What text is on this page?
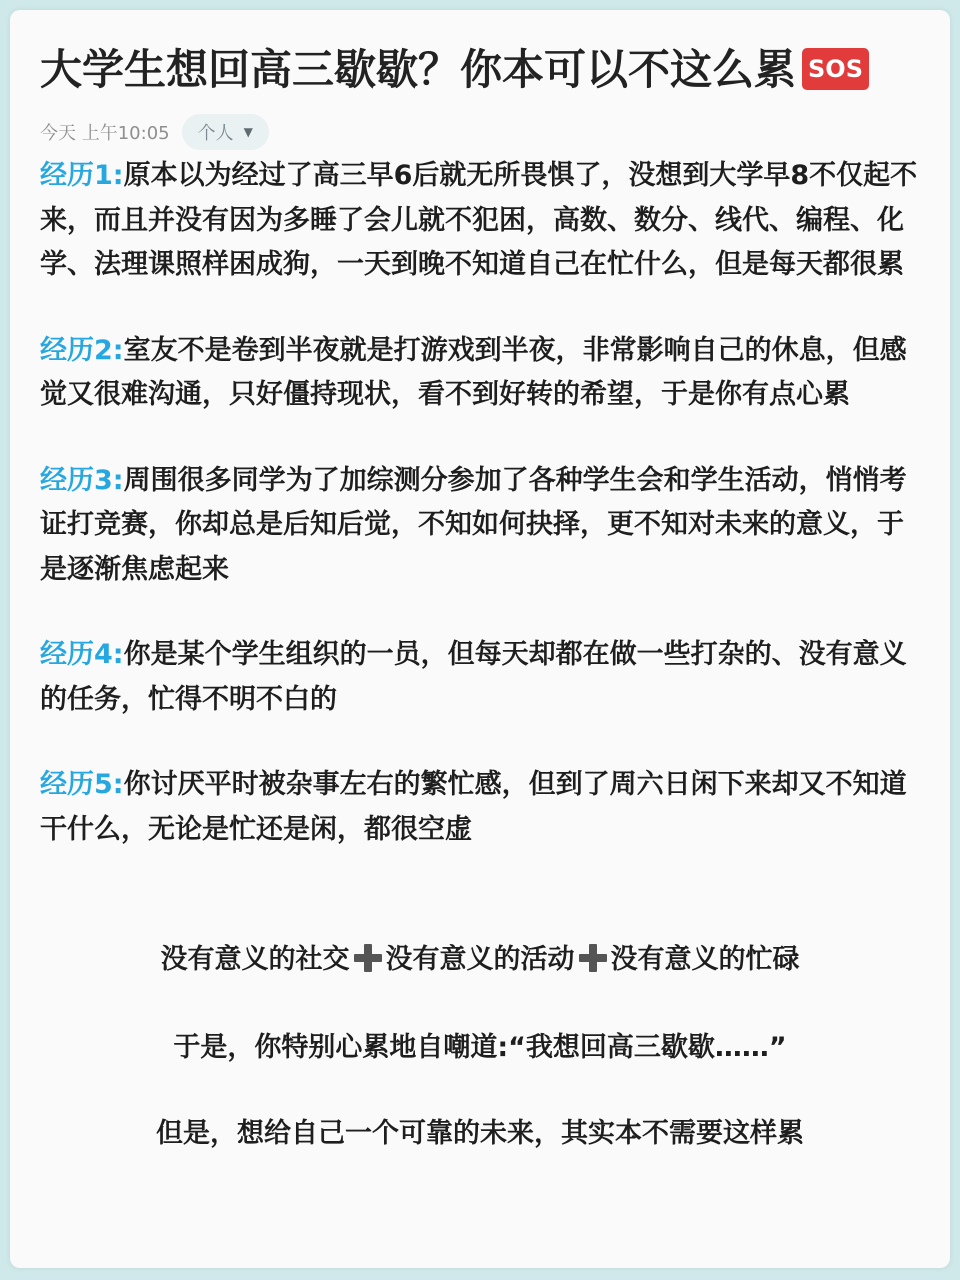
大学生想回高三歇歇？你本可以不这么累 SOS
今天 上午10:05 个人 ▼

经历1:原本以为经过了高三早6后就无所畏惧了，没想到大学早8不仅起不来，而且并没有因为多睡了会儿就不犯困，高数、数分、线代、编程、化学、法理课照样困成狗，一天到晚不知道自己在忙什么，但是每天都很累

经历2:室友不是卷到半夜就是打游戏到半夜，非常影响自己的休息，但感觉又很难沟通，只好僵持现状，看不到好转的希望，于是你有点心累

经历3:周围很多同学为了加综测分参加了各种学生会和学生活动，悄悄考证打竞赛，你却总是后知后觉，不知如何抉择，更不知对未来的意义，于是逐渐焦虑起来

经历4:你是某个学生组织的一员，但每天却都在做一些打杂的、没有意义的任务，忙得不明不白的

经历5:你讨厌平时被杂事左右的繁忙感，但到了周六日闲下来却又不知道干什么，无论是忙还是闲，都很空虚

没有意义的社交 没有意义的活动 没有意义的忙碌
于是，你特别心累地自嘲道:“我想回高三歇歇……”
但是，想给自己一个可靠的未来，其实本不需要这样累
